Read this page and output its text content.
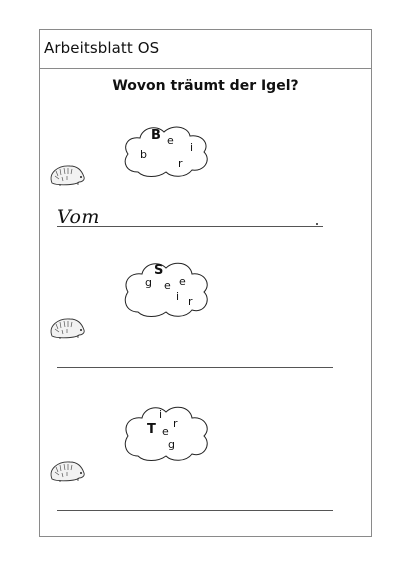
Arbeitsblatt OS
Wovon träumt der Igel?
B e
i
b
r
Vom
S
g e e
i r
i
T e
r
g
